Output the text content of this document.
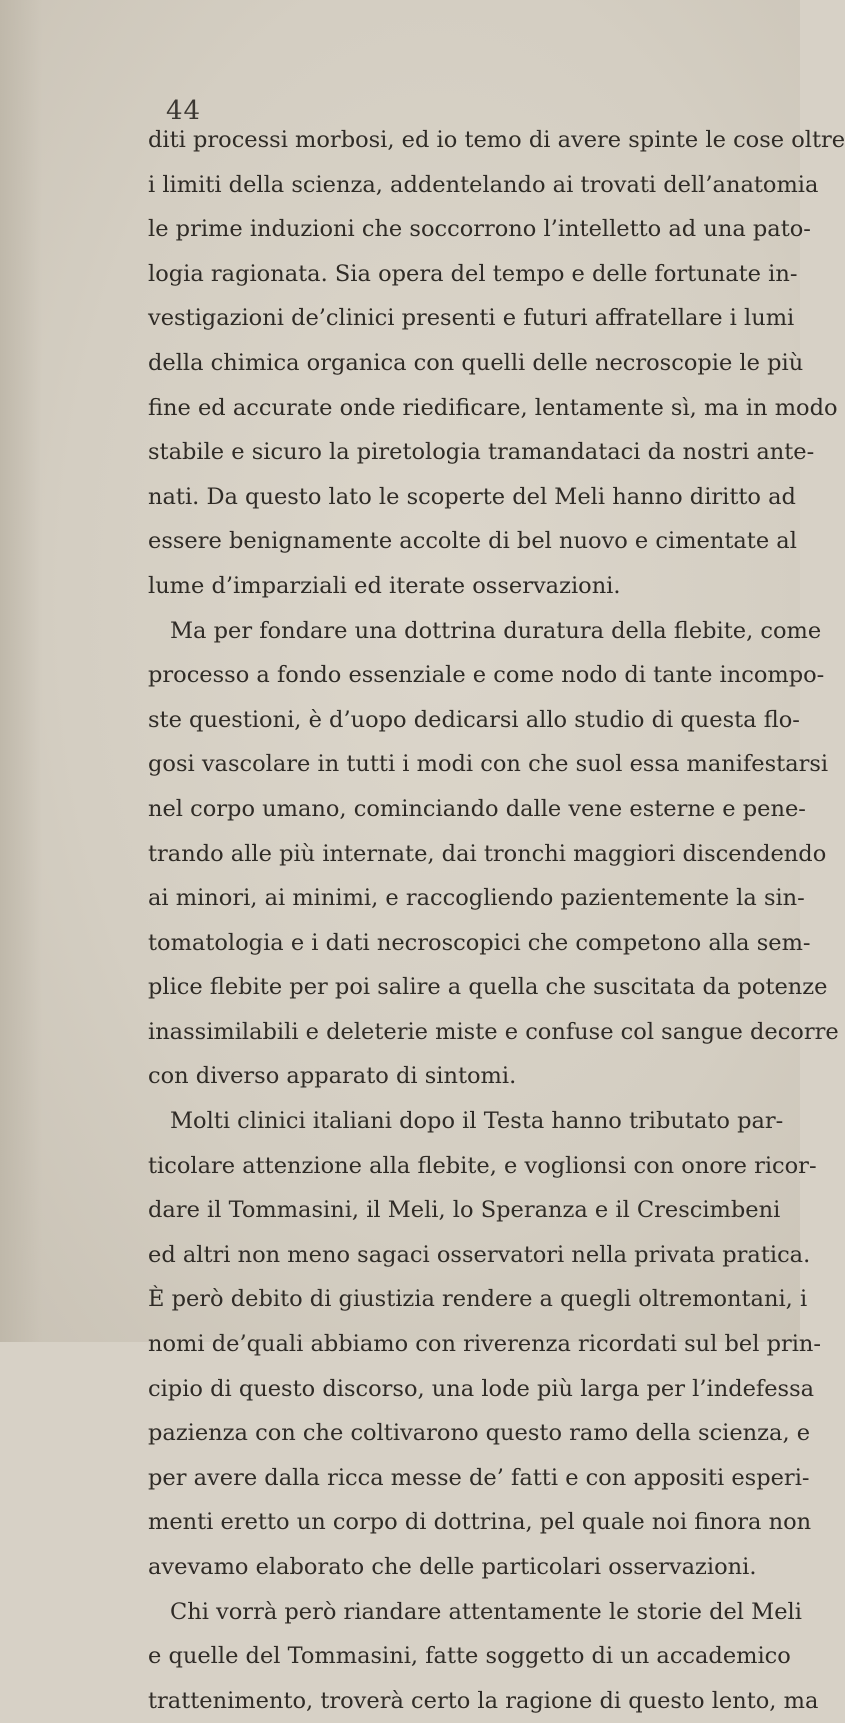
44
diti processi morbosi, ed io temo di avere spinte le cose oltre
i limiti della scienza, addentelando ai trovati dell’anatomia
le prime induzioni che soccorrono l’intelletto ad una pato-
logia ragionata. Sia opera del tempo e delle fortunate in-
vestigazioni de’clinici presenti e futuri affratellare i lumi
della chimica organica con quelli delle necroscopie le più
fine ed accurate onde riedificare, lentamente sì, ma in modo
stabile e sicuro la piretologia tramandataci da nostri ante-
nati. Da questo lato le scoperte del Meli hanno diritto ad
essere benignamente accolte di bel nuovo e cimentate al
lume d’imparziali ed iterate osservazioni.
Ma per fondare una dottrina duratura della flebite, come
processo a fondo essenziale e come nodo di tante incompo-
ste questioni, è d’uopo dedicarsi allo studio di questa flo-
gosi vascolare in tutti i modi con che suol essa manifestarsi
nel corpo umano, cominciando dalle vene esterne e pene-
trando alle più internate, dai tronchi maggiori discendendo
ai minori, ai minimi, e raccogliendo pazientemente la sin-
tomatologia e i dati necroscopici che competono alla sem-
plice flebite per poi salire a quella che suscitata da potenze
inassimilabili e deleterie miste e confuse col sangue decorre
con diverso apparato di sintomi.
Molti clinici italiani dopo il Testa hanno tributato par-
ticolare attenzione alla flebite, e voglionsi con onore ricor-
dare il Tommasini, il Meli, lo Speranza e il Crescimbeni
ed altri non meno sagaci osservatori nella privata pratica.
È però debito di giustizia rendere a quegli oltremontani, i
nomi de’quali abbiamo con riverenza ricordati sul bel prin-
cipio di questo discorso, una lode più larga per l’indefessa
pazienza con che coltivarono questo ramo della scienza, e
per avere dalla ricca messe de’ fatti e con appositi esperi-
menti eretto un corpo di dottrina, pel quale noi finora non
avevamo elaborato che delle particolari osservazioni.
Chi vorrà però riandare attentamente le storie del Meli
e quelle del Tommasini, fatte soggetto di un accademico
trattenimento, troverà certo la ragione di questo lento, ma
